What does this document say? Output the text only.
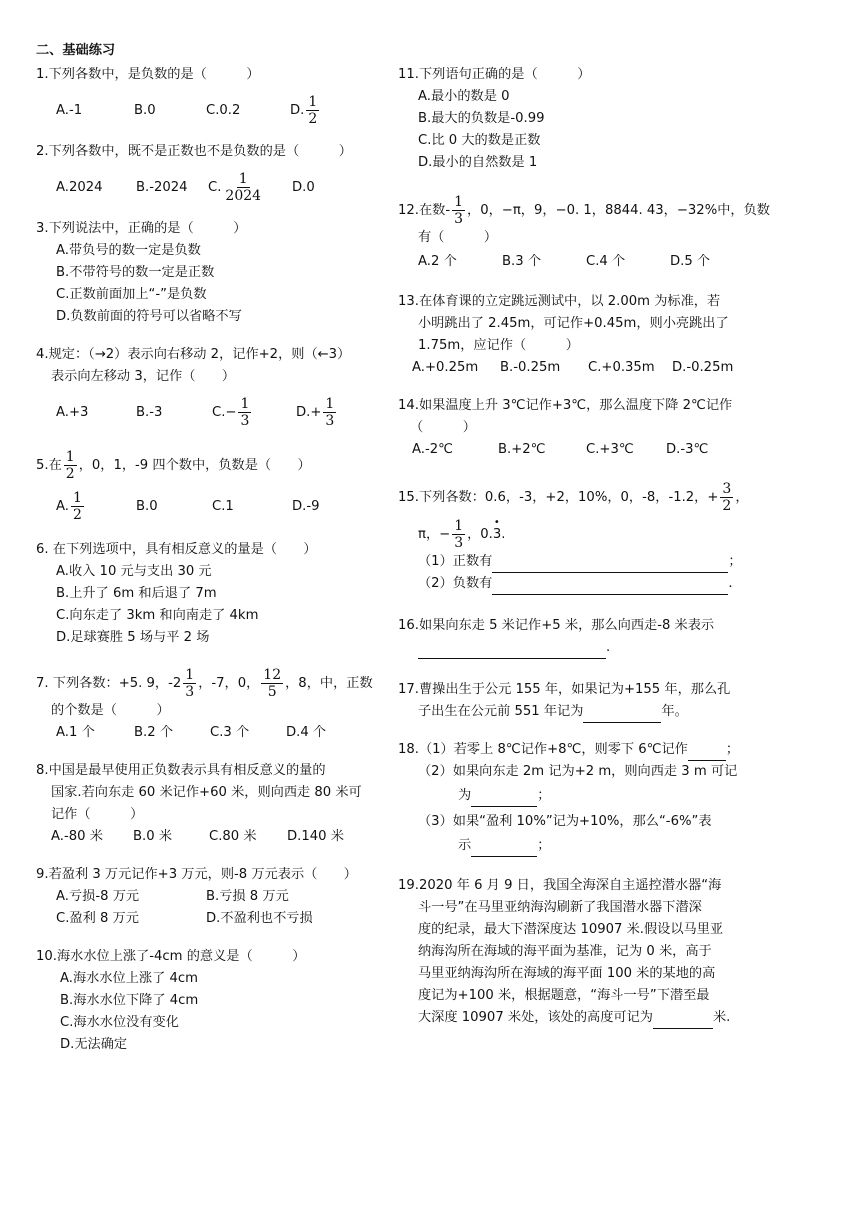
二、基础练习
1.下列各数中，是负数的是（　　　）
A.-1	B.0	C.0.2	D. $\frac{1}{2}$
2.下列各数中，既不是正数也不是负数的是（　　　）
A.2024	B.-2024	C. $\frac{1}{2024} D.0$
3.下列说法中，正确的是（　　　）
A.带负号的数一定是负数
B.不带符号的数一定是正数
C.正数前面加上“-”是负数
D.负数前面的符号可以省略不写
4.规定：（→2）表示向右移动 2，记作+2，则（←3）
表示向左移动 3，记作（　　）
A.+3	B.-3	$C.- \frac{1}{3}$	$D.+ \frac{1}{3}$
5.在 $\frac{1}{2}$ ，0，1，-9 四个数中，负数是（　　）
A. $\frac{1}{2}$	B.0	C.1	D.-9
6. 在下列选项中，具有相反意义的量是（　　）
A.收入 10 元与支出 30 元
B.上升了 6m 和后退了 7m
C.向东走了 3km 和向南走了 4km
D.足球赛胜 5 场与平 2 场
7. 下列各数：+5. 9，$-2 \frac{1}{3}$ ，-7，0， $\frac{12}{5}$ ，8，中，正数
的个数是（　　　）
A.1 个	B.2 个	C.3 个	D.4 个
8.中国是最早使用正负数表示具有相反意义的量的
国家.若向东走 60 米记作+60 米，则向西走 80 米可
记作（　　　）
A.-80 米	B.0 米	C.80 米	D.140 米
9.若盈利 3 万元记作+3 万元，则-8 万元表示（　　）
A.亏损-8 万元	B.亏损 8 万元
C.盈利 8 万元	D.不盈利也不亏损
10.海水水位上涨了-4cm 的意义是（　　　）
A.海水水位上涨了 4cm
B.海水水位下降了 4cm
C.海水水位没有变化
D.无法确定
11.下列语句正确的是（　　　）
A.最小的数是 0
B.最大的负数是-0.99
C.比 0 大的数是正数
D.最小的自然数是 1
12.在数- $\frac{1}{3}$ ，0，−π，9，−0. 1，8844. 43，−32%中，负数
有（　　　）
A.2 个	B.3 个	C.4 个	D.5 个
13.在体育课的立定跳远测试中，以 2.00m 为标准，若
小明跳出了 2.45m，可记作+0.45m，则小亮跳出了
1.75m，应记作（　　　）
A.+0.25m	B.-0.25m	C.+0.35m	D.-0.25m
14.如果温度上升 3℃记作+3℃，那么温度下降 2℃记作
（　　　）
A.-2℃	B.+2℃	C.+3℃	D.-3℃
15.下列各数：0.6，-3，+2，10%，0，-8，-1.2，+ $\frac{3}{2}$ ，
π，− $\frac{1}{3}$ ，0.
• 3 .
（1）正数有	；
（2）负数有	.
16.如果向东走 5 米记作+5 米，那么向西走-8 米表示
.
17.曹操出生于公元 155 年，如果记为+155 年，那么孔
子出生在公元前 551 年记为	年。
18.（1）若零上 8℃记作+8℃，则零下 6℃记作	；
（2）如果向东走 2m 记为+2 m，则向西走 3 m 可记
为	；
（3）如果“盈利 10%”记为+10%，那么“-6%”表
示	；
19.2020 年 6 月 9 日，我国全海深自主遥控潜水器“海
斗一号”在马里亚纳海沟刷新了我国潜水器下潜深
度的纪录，最大下潜深度达 10907 米.假设以马里亚
纳海沟所在海域的海平面为基准，记为 0 米，高于
马里亚纳海沟所在海域的海平面 100 米的某地的高
度记为+100 米，根据题意，“海斗一号”下潜至最
大深度 10907 米处，该处的高度可记为	米.
